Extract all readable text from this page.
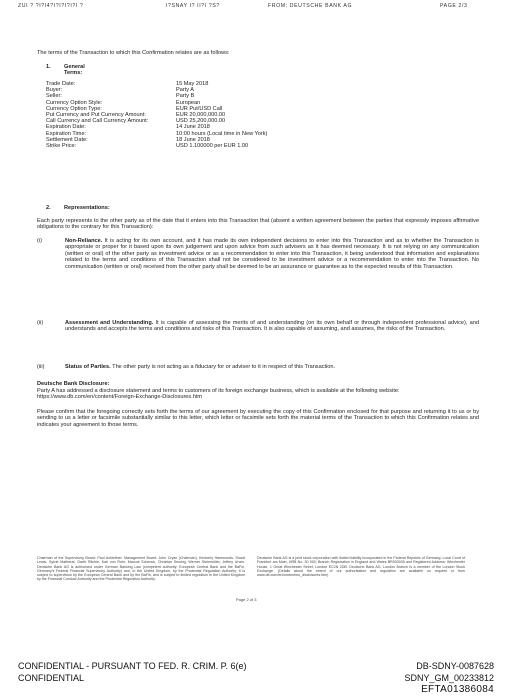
ZUI ? ?I?I4?I?I?I?I?I ?	I?SNAY I? II?I ?S?	FROM: DEUTSCHE BANK AG	PAGE 2/3
The terms of the Transaction to which this Confirmation relates are as follows:
1. General Terms:
Trade Date:	15 May 2018
Buyer:	Party A
Seller:	Party B
Currency Option Style:	European
Currency Option Type:	EUR Put/USD Call
Put Currency and Put Currency Amount:	EUR 20,000,000.00
Call Currency and Call Currency Amount:	USD 25,200,000.00
Expiration Date:	14 June 2018
Expiration Time:	10:00 hours (Local time in New York)
Settlement Date:	18 June 2018
Strike Price:	USD 1.100000 per EUR 1.00
2. Representations:
Each party represents to the other party as of the date that it enters into this Transaction that (absent a written agreement between the parties that expressly imposes affirmative obligations to the contrary for this Transaction):
(i)	Non-Reliance. It is acting for its own account, and it has made its own independent decisions to enter into this Transaction and as to whether the Transaction is appropriate or proper for it based upon its own judgement and upon advice from such advisers as it has deemed necessary. It is not relying on any communication (written or oral) of the other party as investment advice or as a recommendation to enter into this Transaction, it being understood that information and explanations related to the terms and conditions of this Transaction shall not be considered to be investment advice or a recommendation to enter into the Transaction. No communication (written or oral) received from the other party shall be deemed to be an assurance or guarantee as to the expected results of this Transaction.
(ii)	Assessment and Understanding. It is capable of assessing the merits of and understanding (on its own behalf or through independent professional advice), and understands and accepts the terms and conditions and risks of this Transaction. It is also capable of assuming, and assumes, the risks of the Transaction.
(iii)	Status of Parties. The other party is not acting as a fiduciary for or adviser to it in respect of this Transaction.
Deutsche Bank Disclosure:
Party A has addressed a disclosure statement and terms to customers of its foreign exchange business, which is available at the following website: https://www.db.com/en/content/Foreign-Exchange-Disclosures.htm
Please confirm that the foregoing correctly sets forth the terms of our agreement by executing the copy of this Confirmation enclosed for that purpose and returning it to us or by sending to us a letter or facsimile substantially similar to this letter, which letter or facsimile sets forth the material terms of the Transaction to which this Confirmation relates and indicates your agreement to those terms.
Chairman of the Supervisory Board: Paul Achleitner. Management Board: John Cryan (Chairman), Kimberly Hammonds, Stuart Lewis, Sylvie Matherat, Garth Ritchie, Karl von Rohr, Marcus Schenck, Christian Sewing, Werner Steinmüller, Jeffrey Urwin. Deutsche Bank AG is authorised under German Banking Law (competent authority: European Central Bank and the BaFin, Germany's Federal Financial Supervisory Authority) and, in the United Kingdom, by the Prudential Regulation Authority. It is subject to supervision by the European Central Bank and by the BaFin, and is subject to limited regulation in the United Kingdom by the Financial Conduct Authority and the Prudential Regulation Authority.
Deutsche Bank AG is a joint stock corporation with limited liability incorporated in the Federal Republic of Germany, Local Court of Frankfurt am Main, HRB No. 30 000; Branch Registration in England and Wales BR000005 and Registered Address: Winchester House, 1 Great Winchester Street, London EC2N 2DB. Deutsche Bank AG, London Branch is a member of the London Stock Exchange. (Details about the extent of our authorisation and regulation are available on request or from www.db.com/en/content/eu_disclosures.htm)
Page 2 of 3
CONFIDENTIAL - PURSUANT TO FED. R. CRIM. P. 6(e)
CONFIDENTIAL
DB-SDNY-0087628
SDNY_GM_00233812
EFTA01386084
